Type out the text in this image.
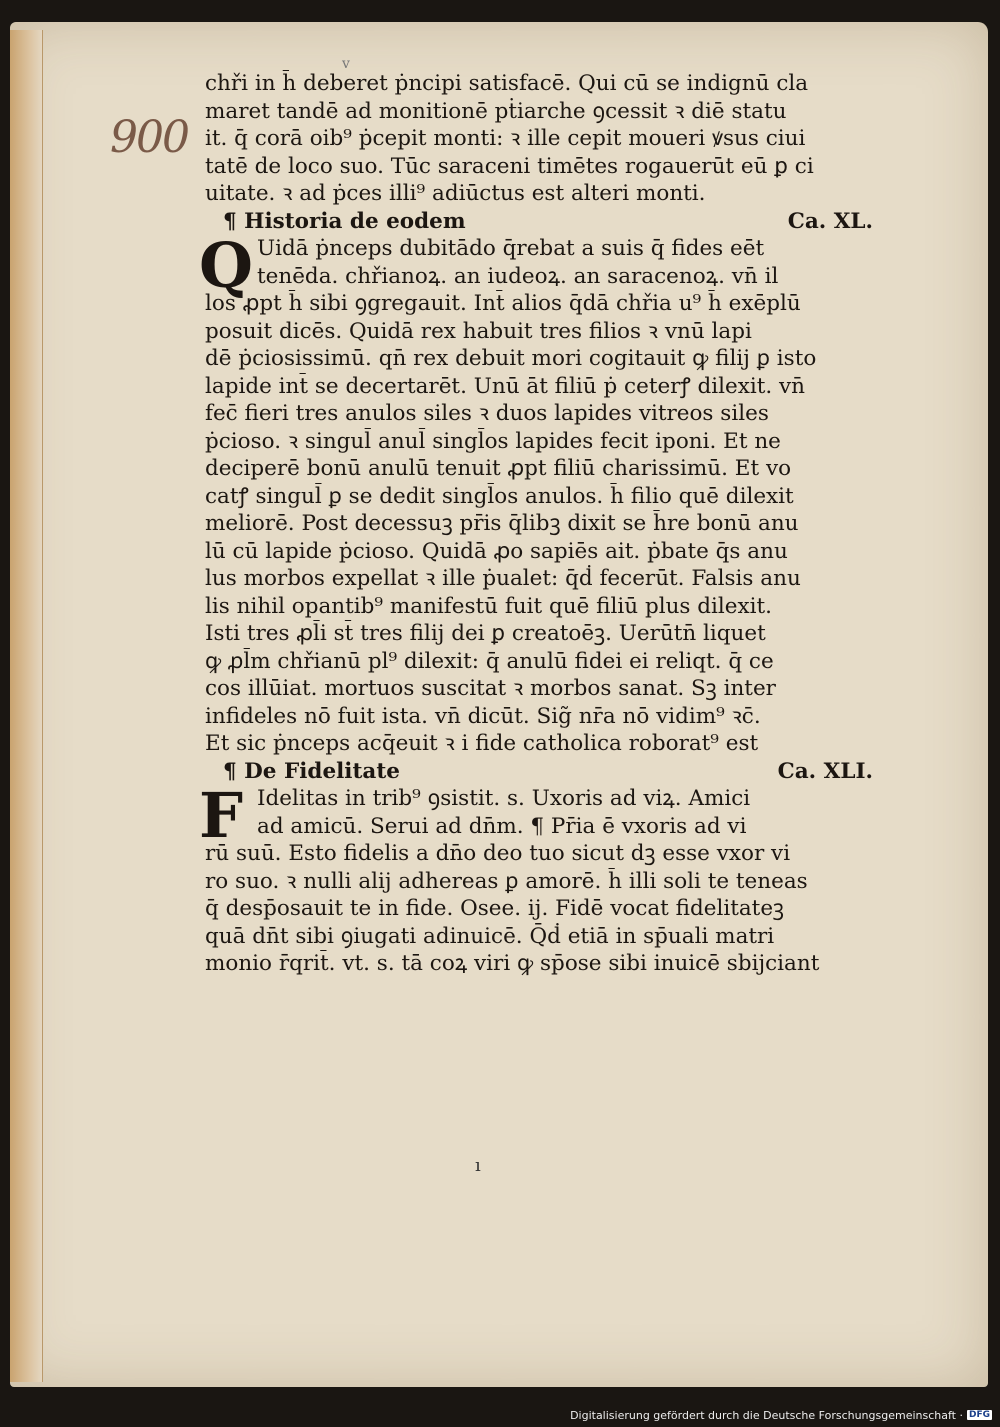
v
900
chři in h̄ deberet ṗncipi satisfacē. Qui cū se indignū cla
maret tandē ad monitionē pṫiarche ꝯcessit ꝛ diē statu
it. q̄ corā oib⁹ ṗcepit monti: ꝛ ille cepit moueri ꝟsus ciui
tatē de loco suo. Tūc saraceni timētes rogauerūt eū ꝑ ci
uitate. ꝛ ad ṗces illi⁹ adiūctus est alteri monti.
¶ Historia de eodem	Ca. XL.
Q Uidā ṗnceps dubitādo q̄rebat a suis q̄ fides eēt
tenēda. chřianoꝝ. an iudeoꝝ. an saracenoꝝ. vn̄ il
los ꝓpt h̄ sibi ꝯgregauit. Int̄ alios q̄dā chřia u⁹ h̄ exēplū
posuit dicēs. Quidā rex habuit tres filios ꝛ vnū lapi
dē ṗciosissimū. qn̄ rex debuit mori cogitauit ꝙ filij ꝑ isto
lapide int̄ se decertarēt. Unū āt filiū ṗ ceterꝭ dilexit. vn̄
fec̄ fieri tres anulos siles ꝛ duos lapides vitreos siles
ṗcioso. ꝛ singul̄ anul̄ singl̄os lapides fecit iponi. Et ne
deciperē bonū anulū tenuit ꝓpt filiū charissimū. Et vo
catꝭ singul̄ ꝑ se dedit singl̄os anulos. h̄ filio quē dilexit
meliorē. Post decessuꝫ pr̄is q̄libꝫ dixit se h̄re bonū anu
lū cū lapide ṗcioso. Quidā ꝓo sapiēs ait. ṗbate q̄s anu
lus morbos expellat ꝛ ille ṗualet: q̄ḋ fecerūt. Falsis anu
lis nihil opantib⁹ manifestū fuit quē filiū plus dilexit.
Isti tres ꝓl̄i st̄ tres filij dei ꝑ creatoēꝫ. Uerūtn̄ liquet
ꝙ ꝓl̄m chřianū pl⁹ dilexit: q̄ anulū fidei ei reliqt. q̄ ce
cos illūiat. mortuos suscitat ꝛ morbos sanat. Sꝫ inter
infideles nō fuit ista. vn̄ dicūt. Sig̃ nr̄a nō vidim⁹ ꝛc̄.
Et sic ṗnceps acq̄euit ꝛ i fide catholica roborat⁹ est
¶ De Fidelitate	Ca. XLI.
F Idelitas in trib⁹ ꝯsistit. s. Uxoris ad viꝝ. Amici
ad amicū. Serui ad dn̄m. ¶ Pr̄ia ē vxoris ad vi
rū suū. Esto fidelis a dn̄o deo tuo sicut dꝫ esse vxor vi
ro suo. ꝛ nulli alij adhereas ꝑ amorē. h̄ illi soli te teneas
q̄ desp̄osauit te in fide. Osee. ij. Fidē vocat fidelitateꝫ
quā dn̄t sibi ꝯiugati adinuicē. Q̄ḋ etiā in sp̄uali matri
monio r̄qrit̄. vt. s. tā coꝝ viri ꝙ sp̄ose sibi inuicē sbijciant
ı
Digitalisierung gefördert durch die Deutsche Forschungsgemeinschaft · DFG
